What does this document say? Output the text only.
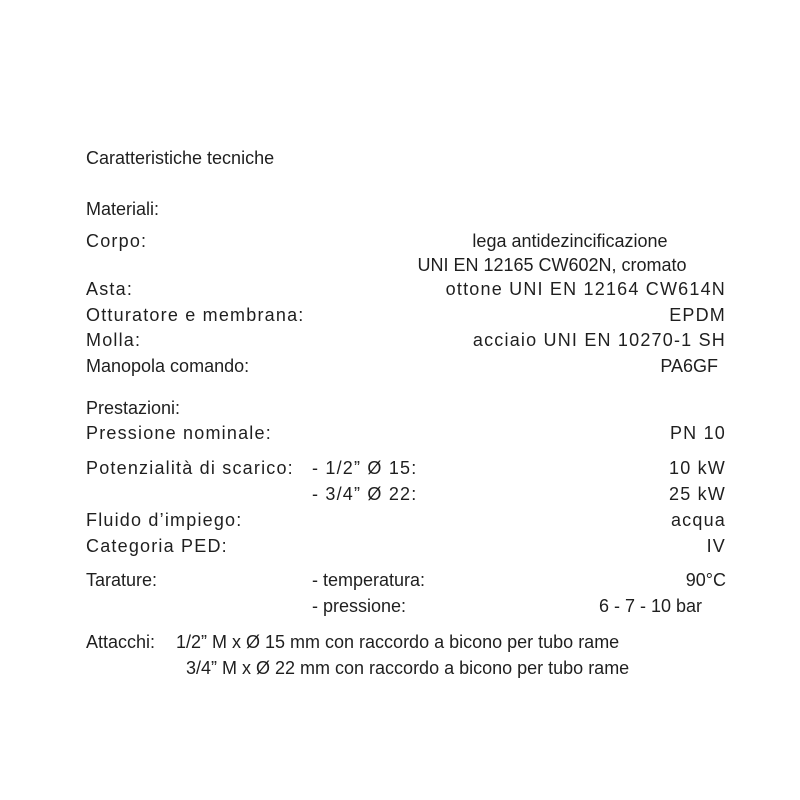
Caratteristiche tecniche
Materiali:
Corpo:	lega antidezincificazione
UNI EN 12165 CW602N, cromato
Asta:	ottone UNI EN 12164 CW614N
Otturatore e membrana:	EPDM
Molla:	acciaio UNI EN 10270-1 SH
Manopola comando:	PA6GF
Prestazioni:
Pressione nominale:	PN 10
Potenzialità di scarico: - 1/2” Ø 15:	10 kW
- 3/4” Ø 22:	25 kW
Fluido d’impiego:	acqua
Categoria PED:	IV
Tarature:	- temperatura:	90°C
- pressione:	6 - 7 - 10 bar
Attacchi: 1/2” M x Ø 15 mm con raccordo a bicono per tubo rame
3/4” M x Ø 22 mm con raccordo a bicono per tubo rame
